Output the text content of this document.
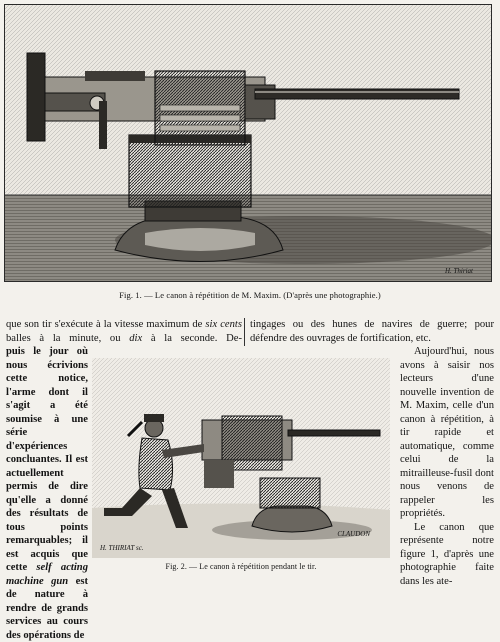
H. Thiriat
Fig. 1. — Le canon à répétition de M. Maxim. (D'après une photographie.)
que son tir s'exécute à la vitesse maximum de six cents balles à la minute, ou dix à la seconde. De-
tingages ou des hunes de navires de guerre; pour défendre des ouvrages de fortification, etc.
puis le jour où nous écrivions cette notice, l'arme dont il s'agit a été soumise à une série d'expériences concluantes. Il est actuellement permis de dire qu'elle a donné des résultats de tous points remarquables; il est acquis que cette self acting machine gun est de nature à rendre de grands services au cours des opérations de
H. THIRIAT sc.
CLAUDON
Fig. 2. — Le canon à répétition pendant le tir.
Aujourd'hui, nous avons à saisir nos lecteurs d'une nouvelle invention de M. Maxim, celle d'un canon à répétition, à tir rapide et automatique, comme celui de la mitrailleuse-fusil dont nous venons de rappeler les propriétés.
Le canon que représente notre figure 1, d'après une photographie faite dans les ate-
